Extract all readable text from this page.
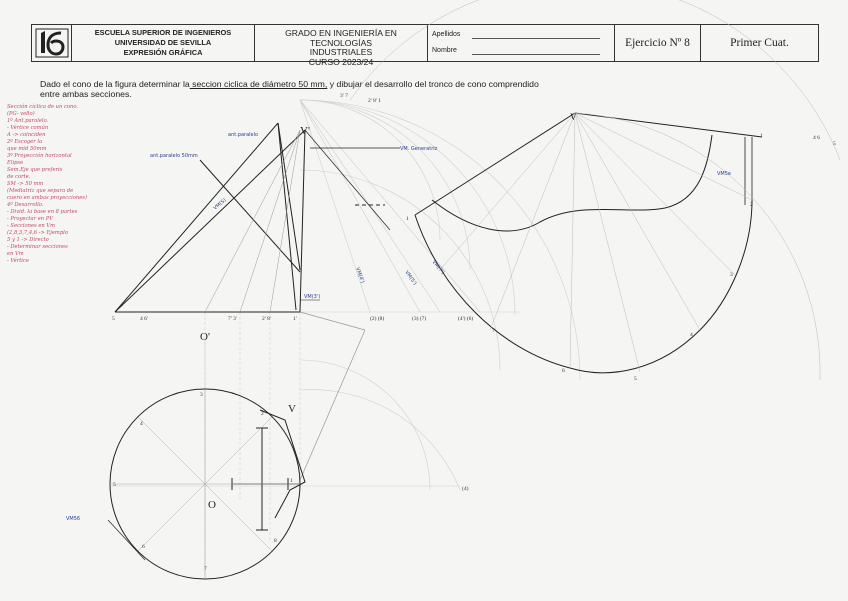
ESCUELA SUPERIOR DE INGENIEROS
UNIVERSIDAD DE SEVILLA
EXPRESIÓN GRÁFICA
GRADO EN INGENIERÍA EN TECNOLOGÍAS
INDUSTRIALES
CURSO 2023/24
Apellidos
Nombre
Ejercicio Nº 8	Primer Cuat.
Dado el cono de la figura determinar la seccion ciclica de diámetro 50 mm, y dibujar el desarrollo del tronco de cono comprendido
entre ambas secciones.
Sección cíclica de un cono.
(PG- ve8o)
1º Ant.paralelo.
- Vértice común
A -> coinciden
2º Escoger la
que mid 50mm
3º Proyección horizontal
Elipse
Sem.Eje que preferis
de corte.
SM -> 50 mm
(Mediatriz que separa de
cuero en ambas proyecciones)
4º Desarrollo.
- Divid. la base en 8 partes
- Proyectar en PV
- Secciones en Vm
(2,8,3,7,4,6 -> Ejemplo
5 y 1 -> Directo
- Determinar secciones
en Vm
- Vértice
5	4 6'	7' 3'	2' 8'	1'	(2) (8)	(3) (7)	(4') (6)
V'
V
V
O'
O
ant.paralelo
ant.paralelo 50mm
VM. Generatriz
VM(S)
VM(3')
VM(4')	VM(5')
VM(7')
VM56
VM5e
3' 7
2' 8' 1
4 6
5
(4)
1
2
3
4
5
6
7
8
1
2
3
4
5
6
7
1
